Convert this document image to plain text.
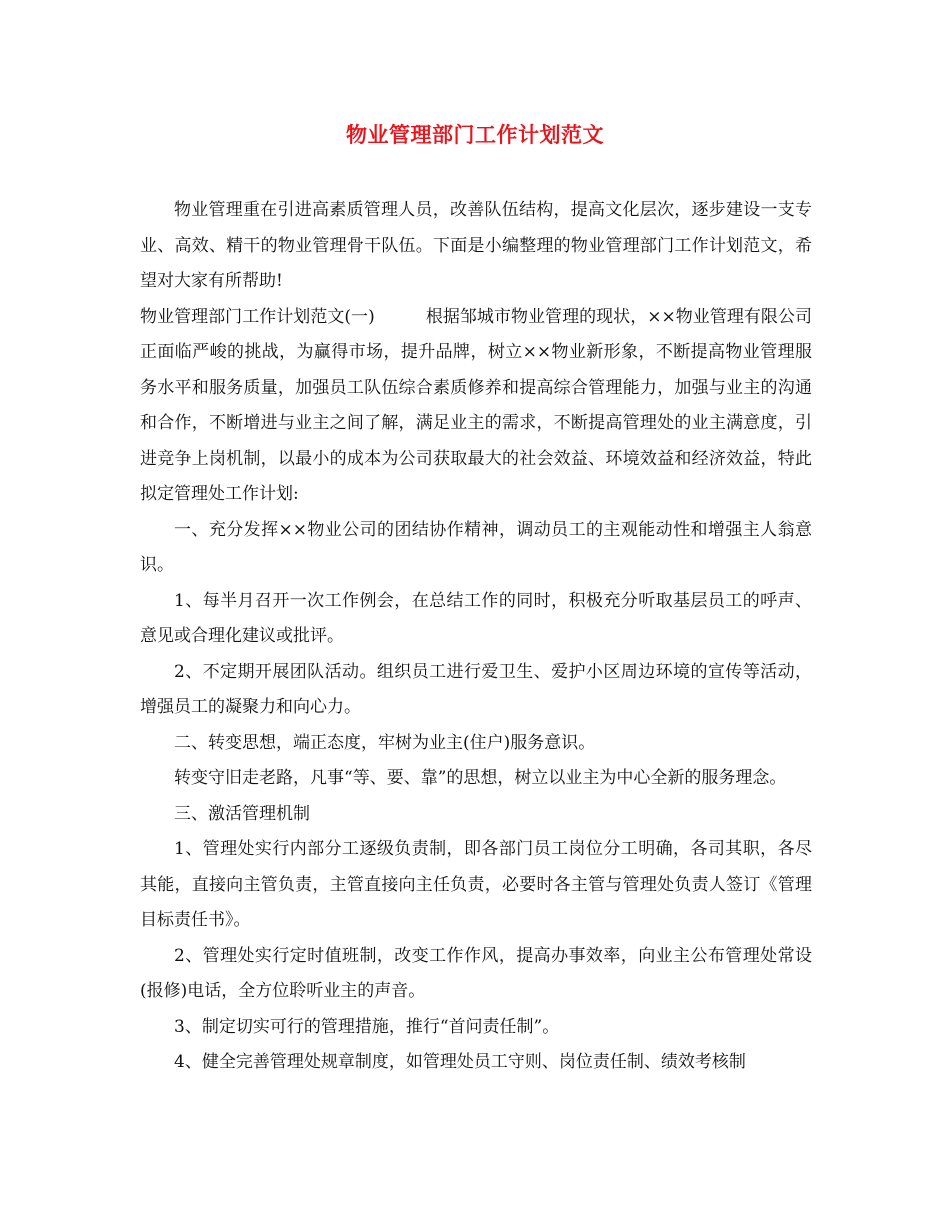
物业管理部门工作计划范文

物业管理重在引进高素质管理人员，改善队伍结构，提高文化层次，逐步建设一支专业、高效、精干的物业管理骨干队伍。下面是小编整理的物业管理部门工作计划范文，希望对大家有所帮助!

物业管理部门工作计划范文(一)　　　根据邹城市物业管理的现状，××物业管理有限公司正面临严峻的挑战，为赢得市场，提升品牌，树立××物业新形象，不断提高物业管理服务水平和服务质量，加强员工队伍综合素质修养和提高综合管理能力，加强与业主的沟通和合作，不断增进与业主之间了解，满足业主的需求，不断提高管理处的业主满意度，引进竞争上岗机制，以最小的成本为公司获取最大的社会效益、环境效益和经济效益，特此拟定管理处工作计划:

一、充分发挥××物业公司的团结协作精神，调动员工的主观能动性和增强主人翁意识。

1、每半月召开一次工作例会，在总结工作的同时，积极充分听取基层员工的呼声、意见或合理化建议或批评。

2、不定期开展团队活动。组织员工进行爱卫生、爱护小区周边环境的宣传等活动，增强员工的凝聚力和向心力。

二、转变思想，端正态度，牢树为业主(住户)服务意识。

转变守旧走老路，凡事“等、要、靠”的思想，树立以业主为中心全新的服务理念。

三、激活管理机制

1、管理处实行内部分工逐级负责制，即各部门员工岗位分工明确，各司其职，各尽其能，直接向主管负责，主管直接向主任负责，必要时各主管与管理处负责人签订《管理目标责任书》。

2、管理处实行定时值班制，改变工作作风，提高办事效率，向业主公布管理处常设(报修)电话，全方位聆听业主的声音。

3、制定切实可行的管理措施，推行“首问责任制”。

4、健全完善管理处规章制度，如管理处员工守则、岗位责任制、绩效考核制
